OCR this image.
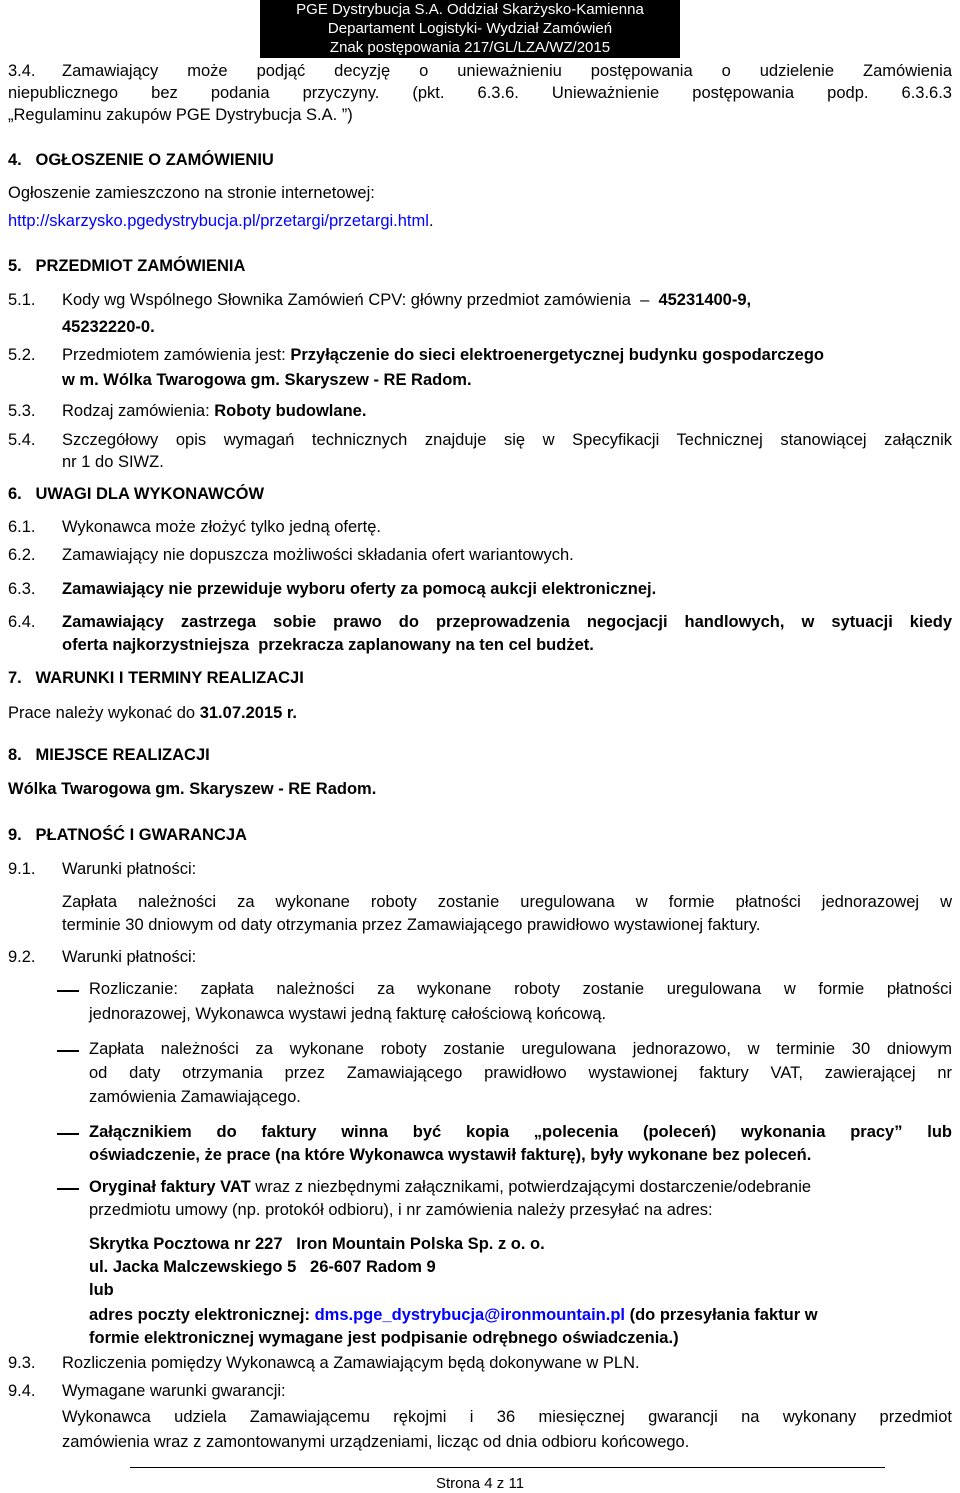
PGE Dystrybucja S.A. Oddział Skarżysko-Kamienna
Departament Logistyki- Wydział Zamówień
Znak postępowania 217/GL/LZA/WZ/2015
3.4. Zamawiający może podjąć decyzję o unieważnieniu postępowania o udzielenie Zamówienia
niepublicznego bez podania przyczyny. (pkt. 6.3.6. Unieważnienie postępowania podp. 6.3.6.3
„Regulaminu zakupów PGE Dystrybucja S.A. ”)
4.   OGŁOSZENIE O ZAMÓWIENIU
Ogłoszenie zamieszczono na stronie internetowej:
http://skarzysko.pgedystrybucja.pl/przetargi/przetargi.html.
5.   PRZEDMIOT ZAMÓWIENIA
5.1. Kody wg Wspólnego Słownika Zamówień CPV: główny przedmiot zamówienia – 45231400-9,
45232220-0.
5.2. Przedmiotem zamówienia jest: Przyłączenie do sieci elektroenergetycznej budynku gospodarczego
w m. Wólka Twarogowa gm. Skaryszew - RE Radom.
5.3. Rodzaj zamówienia: Roboty budowlane.
5.4. Szczegółowy opis wymagań technicznych znajduje się w Specyfikacji Technicznej stanowiącej załącznik
nr 1 do SIWZ.
6.   UWAGI DLA WYKONAWCÓW
6.1. Wykonawca może złożyć tylko jedną ofertę.
6.2. Zamawiający nie dopuszcza możliwości składania ofert wariantowych.
6.3. Zamawiający nie przewiduje wyboru oferty za pomocą aukcji elektronicznej.
6.4. Zamawiający zastrzega sobie prawo do przeprowadzenia negocjacji handlowych, w sytuacji kiedy
oferta najkorzystniejsza  przekracza zaplanowany na ten cel budżet.
7.   WARUNKI I TERMINY REALIZACJI
Prace należy wykonać do 31.07.2015 r.
8.   MIEJSCE REALIZACJI
Wólka Twarogowa gm. Skaryszew - RE Radom.
9.   PŁATNOŚĆ I GWARANCJA
9.1. Warunki płatności:
Zapłata należności za wykonane roboty zostanie uregulowana w formie płatności jednorazowej w
terminie 30 dniowym od daty otrzymania przez Zamawiającego prawidłowo wystawionej faktury.
9.2. Warunki płatności:
Rozliczanie: zapłata należności za wykonane roboty zostanie uregulowana w formie płatności
jednorazowej, Wykonawca wystawi jedną fakturę całościową końcową.
Zapłata należności za wykonane roboty zostanie uregulowana jednorazowo, w terminie 30 dniowym
od daty otrzymania przez Zamawiającego prawidłowo wystawionej faktury VAT, zawierającej nr
zamówienia Zamawiającego.
Załącznikiem do faktury winna być kopia „polecenia (poleceń) wykonania pracy” lub
oświadczenie, że prace (na które Wykonawca wystawił fakturę), były wykonane bez poleceń.
Oryginał faktury VAT wraz z niezbędnymi załącznikami, potwierdzającymi dostarczenie/odebranie
przedmiotu umowy (np. protokół odbioru), i nr zamówienia należy przesyłać na adres:
Skrytka Pocztowa nr 227   Iron Mountain Polska Sp. z o. o.
ul. Jacka Malczewskiego 5   26-607 Radom 9
lub
adres poczty elektronicznej: dms.pge_dystrybucja@ironmountain.pl (do przesyłania faktur w
formie elektronicznej wymagane jest podpisanie odrębnego oświadczenia.)
9.3. Rozliczenia pomiędzy Wykonawcą a Zamawiającym będą dokonywane w PLN.
9.4. Wymagane warunki gwarancji:
Wykonawca udziela Zamawiającemu rękojmi i 36 miesięcznej gwarancji na wykonany przedmiot
zamówienia wraz z zamontowanymi urządzeniami, licząc od dnia odbioru końcowego.
Strona 4 z 11
